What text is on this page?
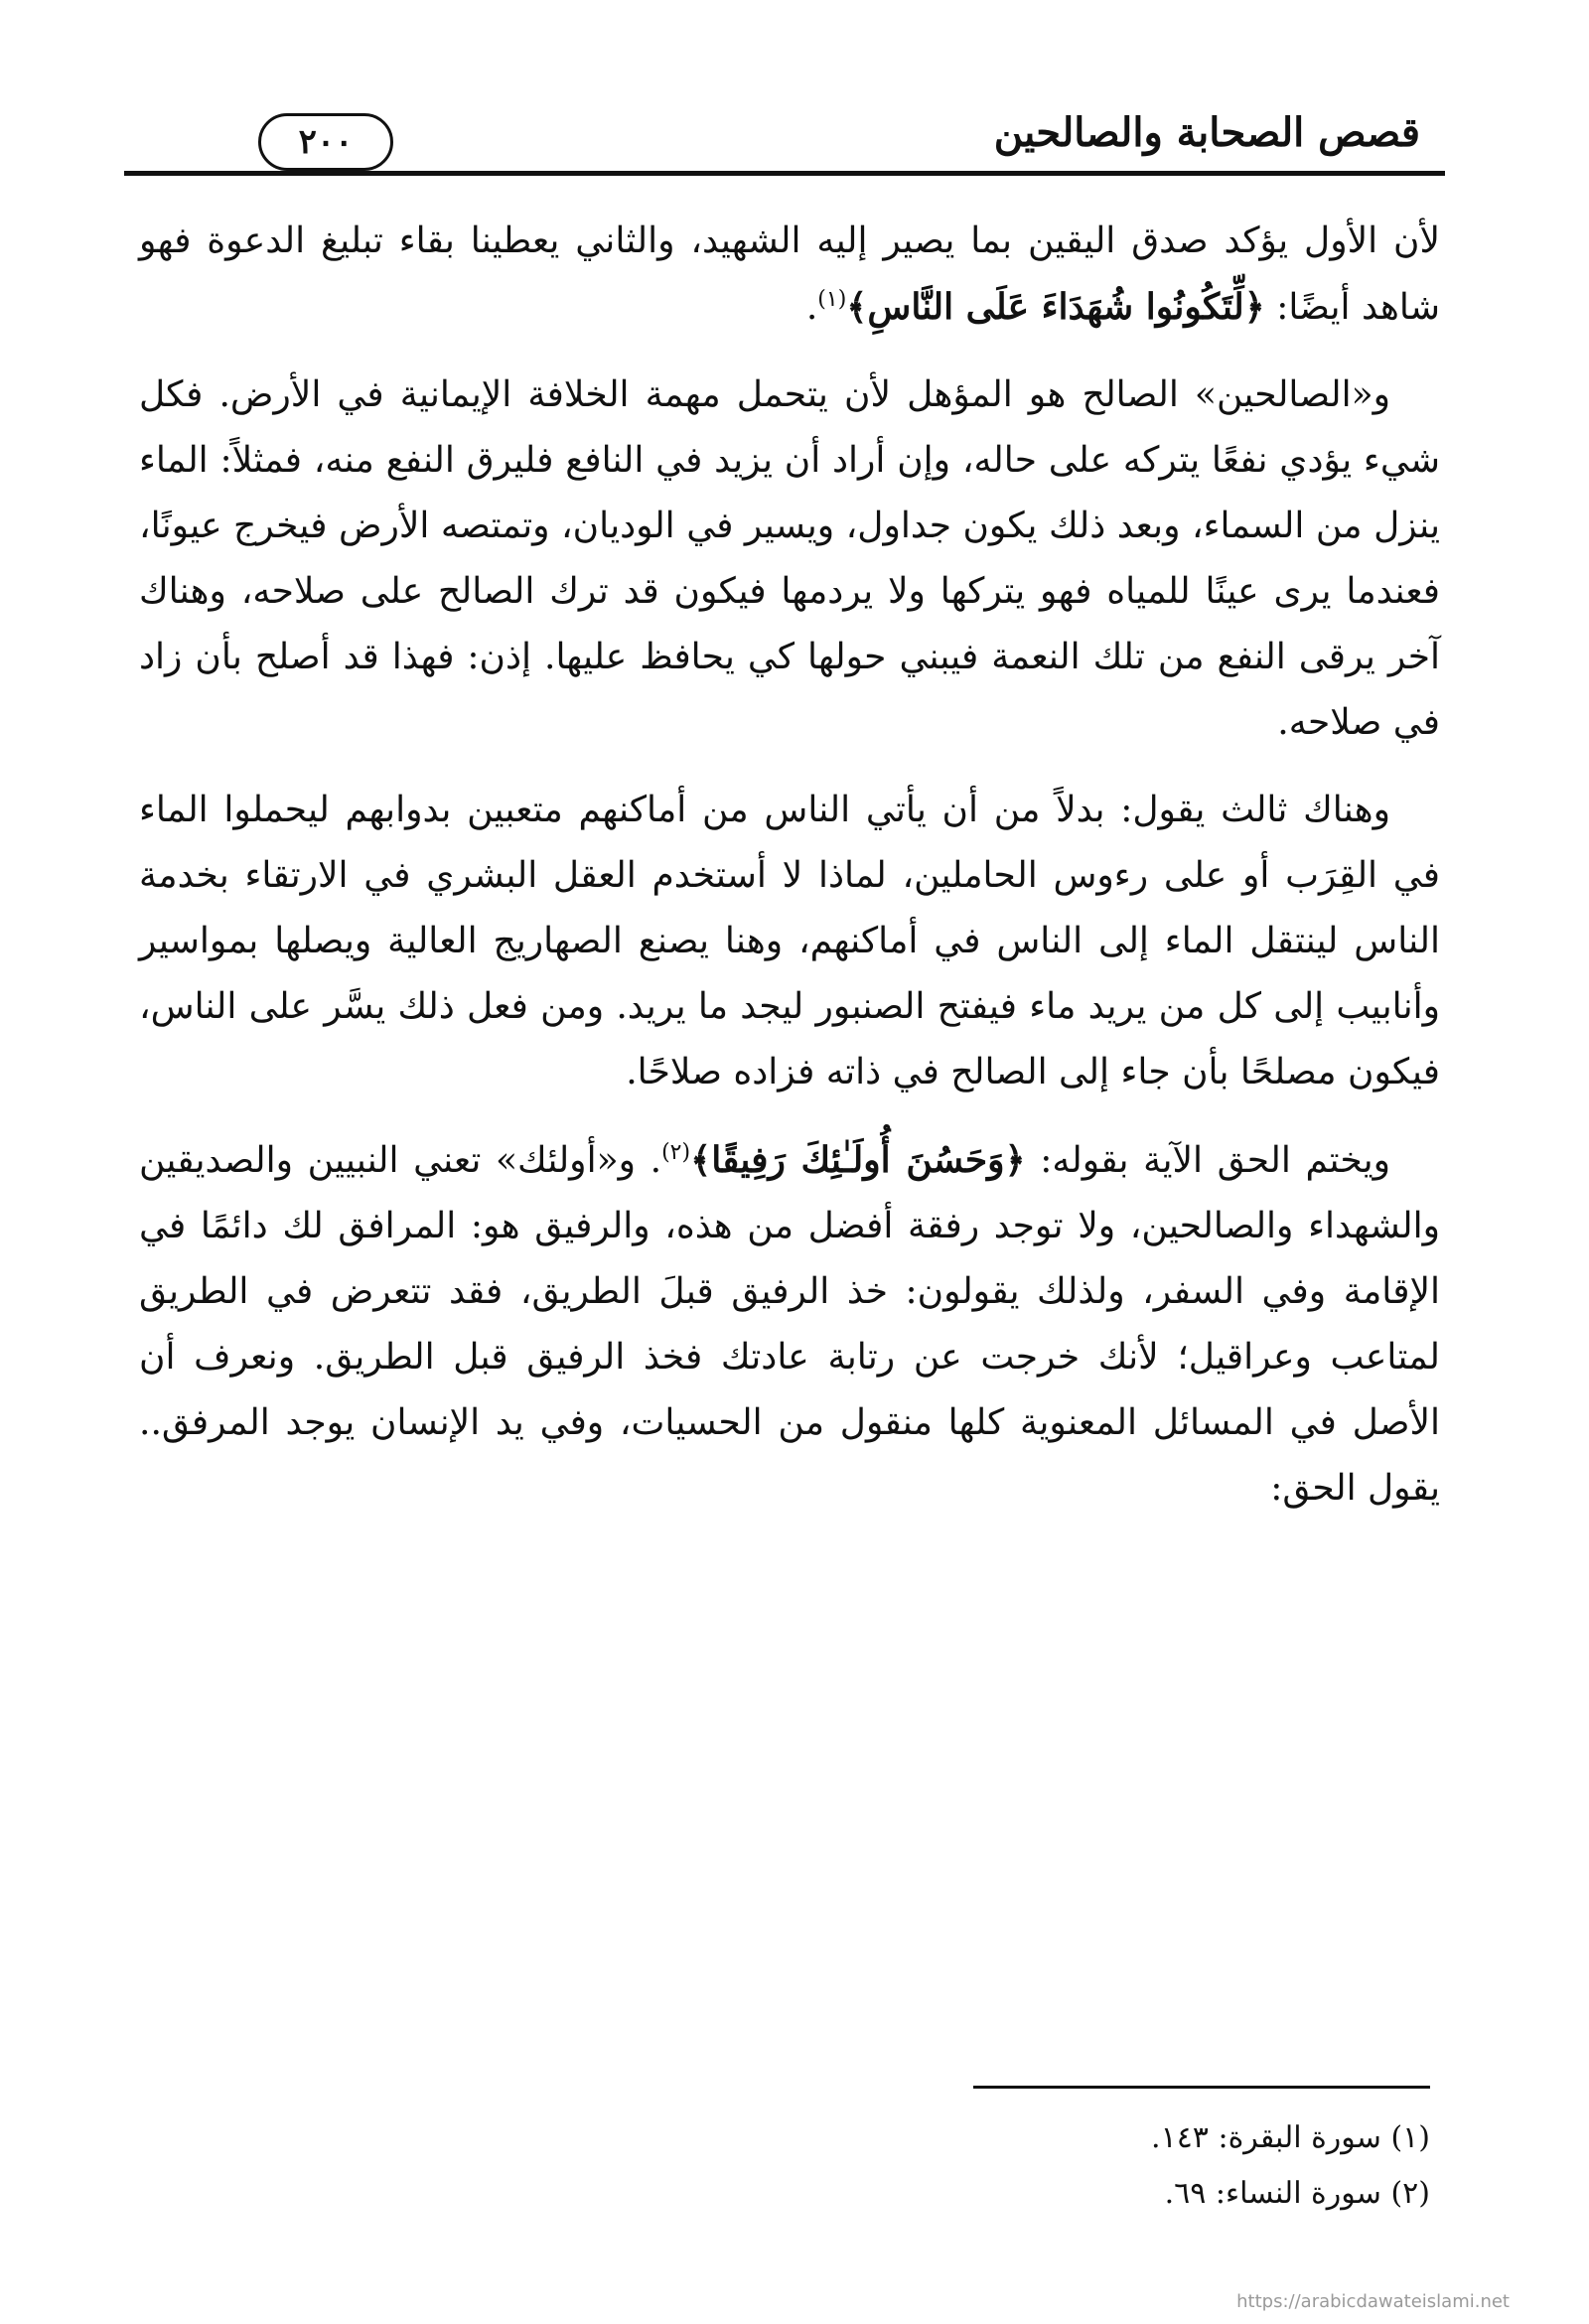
قصص الصحابة والصالحين
٢٠٠

لأن الأول يؤكد صدق اليقين بما يصير إليه الشهيد، والثاني يعطينا بقاء تبليغ الدعوة فهو شاهد أيضًا: ﴿لِّتَكُونُوا شُهَدَاءَ عَلَى النَّاسِ﴾$^{(١)}$.

و«الصالحين» الصالح هو المؤهل لأن يتحمل مهمة الخلافة الإيمانية في الأرض. فكل شيء يؤدي نفعًا يتركه على حاله، وإن أراد أن يزيد في النافع فليرق النفع منه، فمثلاً: الماء ينزل من السماء، وبعد ذلك يكون جداول، ويسير في الوديان، وتمتصه الأرض فيخرج عيونًا، فعندما يرى عينًا للمياه فهو يتركها ولا يردمها فيكون قد ترك الصالح على صلاحه، وهناك آخر يرقى النفع من تلك النعمة فيبني حولها كي يحافظ عليها. إذن: فهذا قد أصلح بأن زاد في صلاحه.

وهناك ثالث يقول: بدلاً من أن يأتي الناس من أماكنهم متعبين بدوابهم ليحملوا الماء في القِرَب أو على رءوس الحاملين، لماذا لا أستخدم العقل البشري في الارتقاء بخدمة الناس لينتقل الماء إلى الناس في أماكنهم، وهنا يصنع الصهاريج العالية ويصلها بمواسير وأنابيب إلى كل من يريد ماء فيفتح الصنبور ليجد ما يريد. ومن فعل ذلك يسَّر على الناس، فيكون مصلحًا بأن جاء إلى الصالح في ذاته فزاده صلاحًا.

ويختم الحق الآية بقوله: ﴿وَحَسُنَ أُولَـٰئِكَ رَفِيقًا﴾$^{(٢)}$. و«أولئك» تعني النبيين والصديقين والشهداء والصالحين، ولا توجد رفقة أفضل من هذه، والرفيق هو: المرافق لك دائمًا في الإقامة وفي السفر، ولذلك يقولون: خذ الرفيق قبلَ الطريق، فقد تتعرض في الطريق لمتاعب وعراقيل؛ لأنك خرجت عن رتابة عادتك فخذ الرفيق قبل الطريق. ونعرف أن الأصل في المسائل المعنوية كلها منقول من الحسيات، وفي يد الإنسان يوجد المرفق.. يقول الحق:

(١) سورة البقرة: ١٤٣.
(٢) سورة النساء: ٦٩.
https://arabicdawateislami.net
